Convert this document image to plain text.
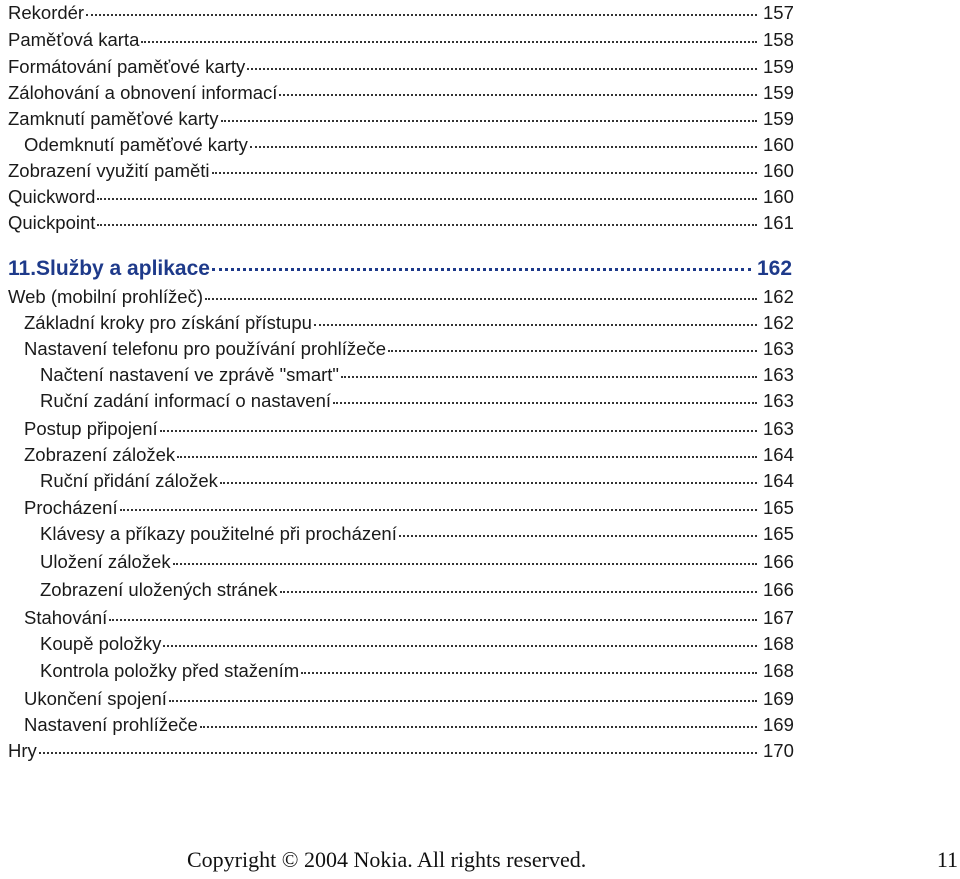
Rekordér	157
Paměťová karta	158
Formátování paměťové karty	159
Zálohování a obnovení informací	159
Zamknutí paměťové karty	159
Odemknutí paměťové karty	160
Zobrazení využití paměti	160
Quickword	160
Quickpoint	161
11.Služby a aplikace	162
Web (mobilní prohlížeč)	162
Základní kroky pro získání přístupu	162
Nastavení telefonu pro používání prohlížeče	163
Načtení nastavení ve zprávě "smart"	163
Ruční zadání informací o nastavení	163
Postup připojení	163
Zobrazení záložek	164
Ruční přidání záložek	164
Procházení	165
Klávesy a příkazy použitelné při procházení	165
Uložení záložek	166
Zobrazení uložených stránek	166
Stahování	167
Koupě položky	168
Kontrola položky před stažením	168
Ukončení spojení	169
Nastavení prohlížeče	169
Hry	170
Copyright © 2004 Nokia. All rights reserved.	11
